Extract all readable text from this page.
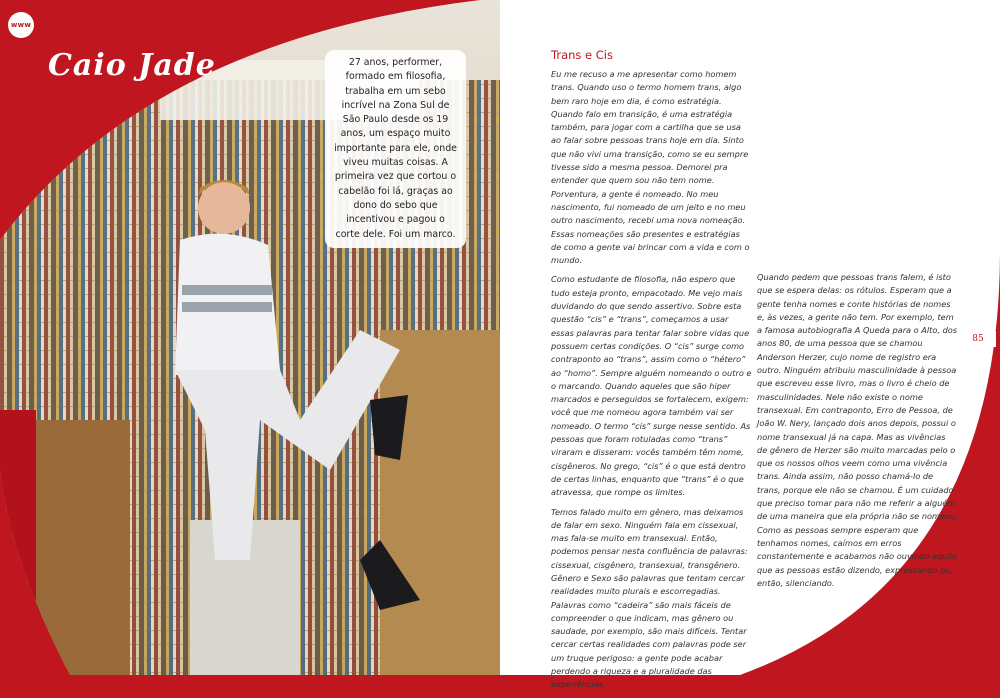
www
Caio Jade	27 anos, performer, formado em filosofia, trabalha em um sebo incrível na Zona Sul de São Paulo desde os 19 anos, um espaço muito importante para ele, onde viveu muitas coisas. A primeira vez que cortou o cabelão foi lá, graças ao dono do sebo que incentivou e pagou o corte dele. Foi um marco.
Trans e Cis

Eu me recuso a me apresentar como homem trans. Quando uso o termo homem trans, algo bem raro hoje em dia, é como estratégia. Quando falo em transição, é uma estratégia também, para jogar com a cartilha que se usa ao falar sobre pessoas trans hoje em dia. Sinto que não vivi uma transição, como se eu sempre tivesse sido a mesma pessoa. Demorei pra entender que quem sou não tem nome. Porventura, a gente é nomeado. No meu nascimento, fui nomeado de um jeito e no meu outro nascimento, recebi uma nova nomeação. Essas nomeações são presentes e estratégias de como a gente vai brincar com a vida e com o mundo.

Como estudante de filosofia, não espero que tudo esteja pronto, empacotado. Me vejo mais duvidando do que sendo assertivo. Sobre esta questão “cis” e “trans”, começamos a usar essas palavras para tentar falar sobre vidas que possuem certas condições. O “cis” surge como contraponto ao “trans”, assim como o “hétero” ao “homo”. Sempre alguém nomeando o outro e o marcando. Quando aqueles que são hiper marcados e perseguidos se fortalecem, exigem: você que me nomeou agora também vai ser nomeado. O termo “cis” surge nesse sentido. As pessoas que foram rotuladas como “trans” viraram e disseram: vocês também têm nome, cisgêneros. No grego, “cis” é o que está dentro de certas linhas, enquanto que “trans” é o que atravessa, que rompe os limites.

Temos falado muito em gênero, mas deixamos de falar em sexo. Ninguém fala em cissexual, mas fala-se muito em transexual. Então, podemos pensar nesta confluência de palavras: cissexual, cisgênero, transexual, transgênero. Gênero e Sexo são palavras que tentam cercar realidades muito plurais e escorregadias. Palavras como “cadeira” são mais fáceis de compreender o que indicam, mas gênero ou saudade, por exemplo, são mais difíceis. Tentar cercar certas realidades com palavras pode ser um truque perigoso: a gente pode acabar perdendo a riqueza e a pluralidade das experiências.

Quando pedem que pessoas trans falem, é isto que se espera delas: os rótulos. Esperam que a gente tenha nomes e conte histórias de nomes e, às vezes, a gente não tem. Por exemplo, tem a famosa autobiografia A Queda para o Alto, dos anos 80, de uma pessoa que se chamou Anderson Herzer, cujo nome de registro era outro. Ninguém atribuiu masculinidade à pessoa que escreveu esse livro, mas o livro é cheio de masculinidades. Nele não existe o nome transexual. Em contraponto, Erro de Pessoa, de João W. Nery, lançado dois anos depois, possui o nome transexual já na capa. Mas as vivências de gênero de Herzer são muito marcadas pelo o que os nossos olhos veem como uma vivência trans. Ainda assim, não posso chamá-lo de trans, porque ele não se chamou. É um cuidado que preciso tomar para não me referir a alguém de uma maneira que ela própria não se nomeou. Como as pessoas sempre esperam que tenhamos nomes, caímos em erros constantemente e acabamos não ouvindo aquilo que as pessoas estão dizendo, expressando ou, então, silenciando.

85
